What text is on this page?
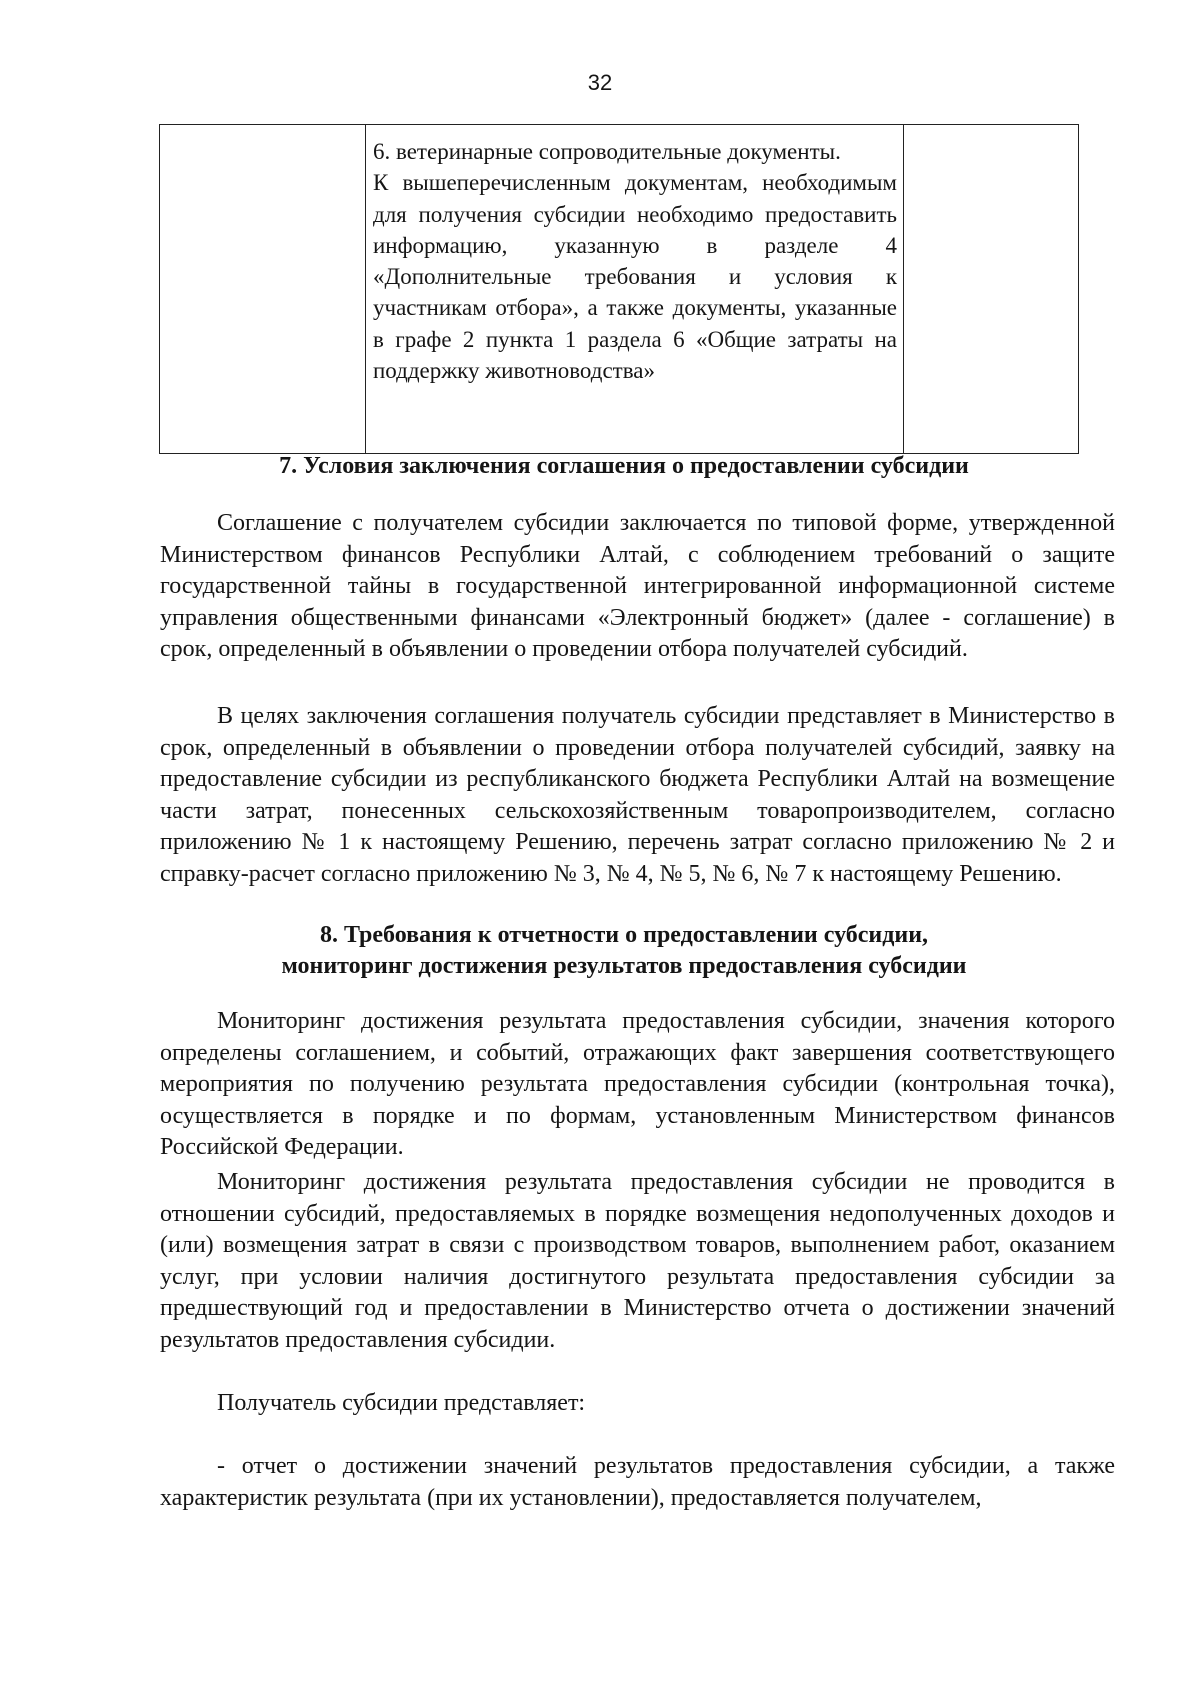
32

6. ветеринарные сопроводительные документы.

К вышеперечисленным документам, необходимым для получения субсидии необходимо предоставить информацию, указанную в разделе 4 «Дополнительные требования и условия к участникам отбора», а также документы, указанные в графе 2 пункта 1 раздела 6 «Общие затраты на поддержку животноводства»

7. Условия заключения соглашения о предоставлении субсидии

Соглашение с получателем субсидии заключается по типовой форме, утвержденной Министерством финансов Республики Алтай, с соблюдением требований о защите государственной тайны в государственной интегрированной информационной системе управления общественными финансами «Электронный бюджет» (далее - соглашение) в срок, определенный в объявлении о проведении отбора получателей субсидий.

В целях заключения соглашения получатель субсидии представляет в Министерство в срок, определенный в объявлении о проведении отбора получателей субсидий, заявку на предоставление субсидии из республиканского бюджета Республики Алтай на возмещение части затрат, понесенных сельскохозяйственным товаропроизводителем, согласно приложению № 1 к настоящему Решению, перечень затрат согласно приложению № 2 и справку-расчет согласно приложению № 3, № 4, № 5, № 6, № 7 к настоящему Решению.

8. Требования к отчетности о предоставлении субсидии,
мониторинг достижения результатов предоставления субсидии

Мониторинг достижения результата предоставления субсидии, значения которого определены соглашением, и событий, отражающих факт завершения соответствующего мероприятия по получению результата предоставления субсидии (контрольная точка), осуществляется в порядке и по формам, установленным Министерством финансов Российской Федерации.

Мониторинг достижения результата предоставления субсидии не проводится в отношении субсидий, предоставляемых в порядке возмещения недополученных доходов и (или) возмещения затрат в связи с производством товаров, выполнением работ, оказанием услуг, при условии наличия достигнутого результата предоставления субсидии за предшествующий год и предоставлении в Министерство отчета о достижении значений результатов предоставления субсидии.

Получатель субсидии представляет:

- отчет о достижении значений результатов предоставления субсидии, а также характеристик результата (при их установлении), предоставляется получателем,
